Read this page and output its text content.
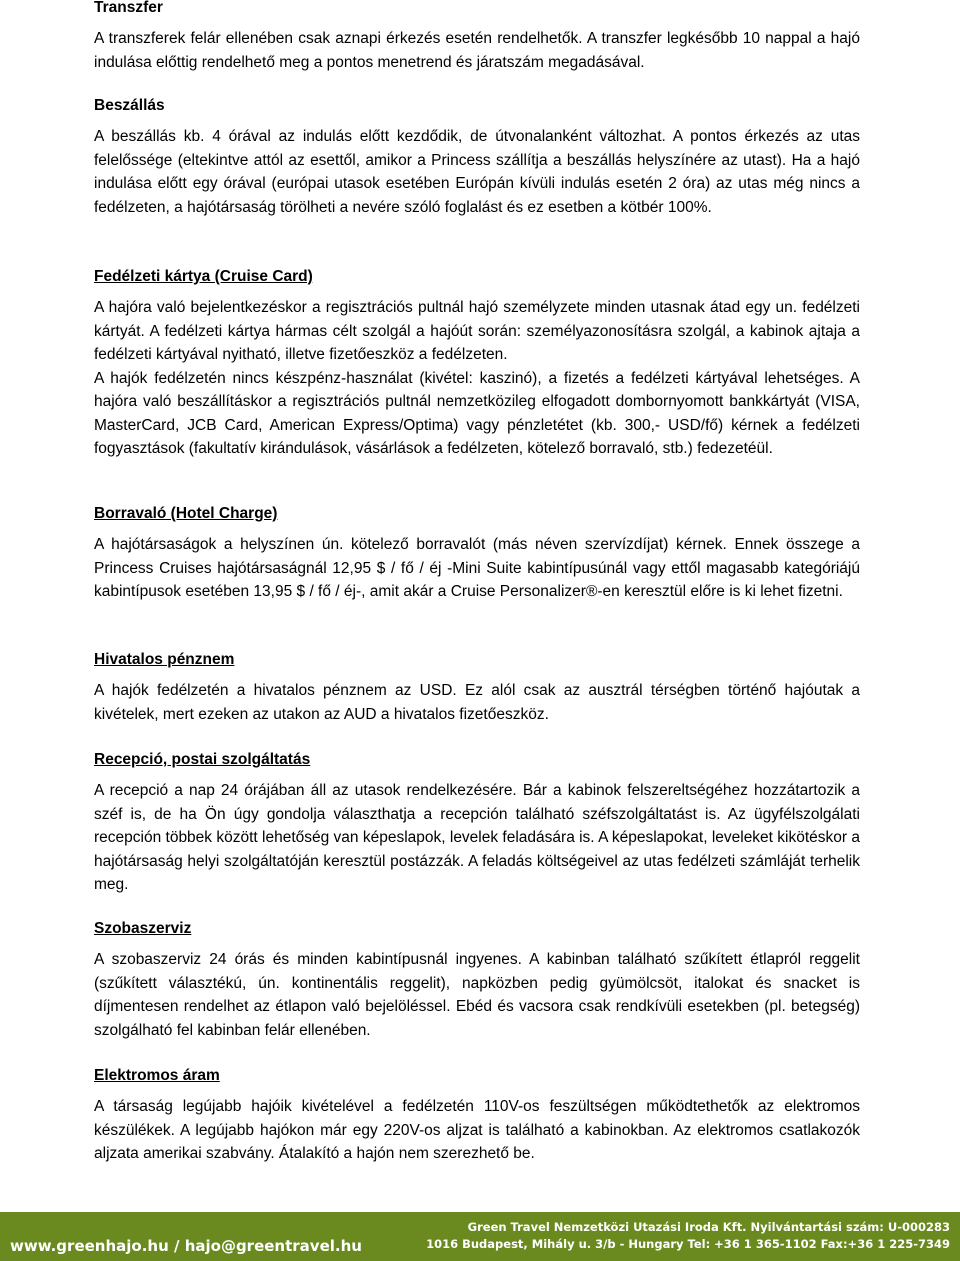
Transzfer

A transzferek felár ellenében csak aznapi érkezés esetén rendelhetők. A transzfer legkésőbb 10 nappal a hajó indulása előttig rendelhető meg a pontos menetrend és járatszám megadásával.

Beszállás

A beszállás kb. 4 órával az indulás előtt kezdődik, de útvonalanként változhat. A pontos érkezés az utas felelőssége (eltekintve attól az esettől, amikor a Princess szállítja a beszállás helyszínére az utast). Ha a hajó indulása előtt egy órával (európai utasok esetében Európán kívüli indulás esetén 2 óra) az utas még nincs a fedélzeten, a hajótársaság törölheti a nevére szóló foglalást és ez esetben a kötbér 100%.

Fedélzeti kártya (Cruise Card)

A hajóra való bejelentkezéskor a regisztrációs pultnál hajó személyzete minden utasnak átad egy un. fedélzeti kártyát. A fedélzeti kártya hármas célt szolgál a hajóút során: személyazonosításra szolgál, a kabinok ajtaja a fedélzeti kártyával nyitható, illetve fizetőeszköz a fedélzeten.

A hajók fedélzetén nincs készpénz-használat (kivétel: kaszinó), a fizetés a fedélzeti kártyával lehetséges. A hajóra való beszállításkor a regisztrációs pultnál nemzetközileg elfogadott dombornyomott bankkártyát (VISA, MasterCard, JCB Card, American Express/Optima) vagy pénzletétet (kb. 300,- USD/fő) kérnek a fedélzeti fogyasztások (fakultatív kirándulások, vásárlások a fedélzeten, kötelező borravaló, stb.) fedezetéül.

Borravaló (Hotel Charge)

A hajótársaságok a helyszínen ún. kötelező borravalót (más néven szervízdíjat) kérnek. Ennek összege a Princess Cruises hajótársaságnál 12,95 $ / fő / éj -Mini Suite kabintípusúnál vagy ettől magasabb kategóriájú kabintípusok esetében 13,95 $ / fő / éj-, amit akár a Cruise Personalizer®-en keresztül előre is ki lehet fizetni.

Hivatalos pénznem

A hajók fedélzetén a hivatalos pénznem az USD. Ez alól csak az ausztrál térségben történő hajóutak a kivételek, mert ezeken az utakon az AUD a hivatalos fizetőeszköz.

Recepció, postai szolgáltatás

A recepció a nap 24 órájában áll az utasok rendelkezésére. Bár a kabinok felszereltségéhez hozzátartozik a széf is, de ha Ön úgy gondolja választhatja a recepción található széfszolgáltatást is. Az ügyfélszolgálati recepción többek között lehetőség van képeslapok, levelek feladására is. A képeslapokat, leveleket kikötéskor a hajótársaság helyi szolgáltatóján keresztül postázzák. A feladás költségeivel az utas fedélzeti számláját terhelik meg.

Szobaszerviz

A szobaszerviz 24 órás és minden kabintípusnál ingyenes. A kabinban található szűkített étlapról reggelit (szűkített választékú, ún. kontinentális reggelit), napközben pedig gyümölcsöt, italokat és snacket is díjmentesen rendelhet az étlapon való bejelöléssel. Ebéd és vacsora csak rendkívüli esetekben (pl. betegség) szolgálható fel kabinban felár ellenében.

Elektromos áram

A társaság legújabb hajóik kivételével a fedélzetén 110V-os feszültségen működtethetők az elektromos készülékek. A legújabb hajókon már egy 220V-os aljzat is található a kabinokban. Az elektromos csatlakozók aljzata amerikai szabvány. Átalakító a hajón nem szerezhető be.

www.greenhajo.hu / hajo@greentravel.hu
Green Travel Nemzetközi Utazási Iroda Kft. Nyilvántartási szám: U-000283
1016 Budapest, Mihály u. 3/b - Hungary Tel: +36 1 365-1102 Fax:+36 1 225-7349
